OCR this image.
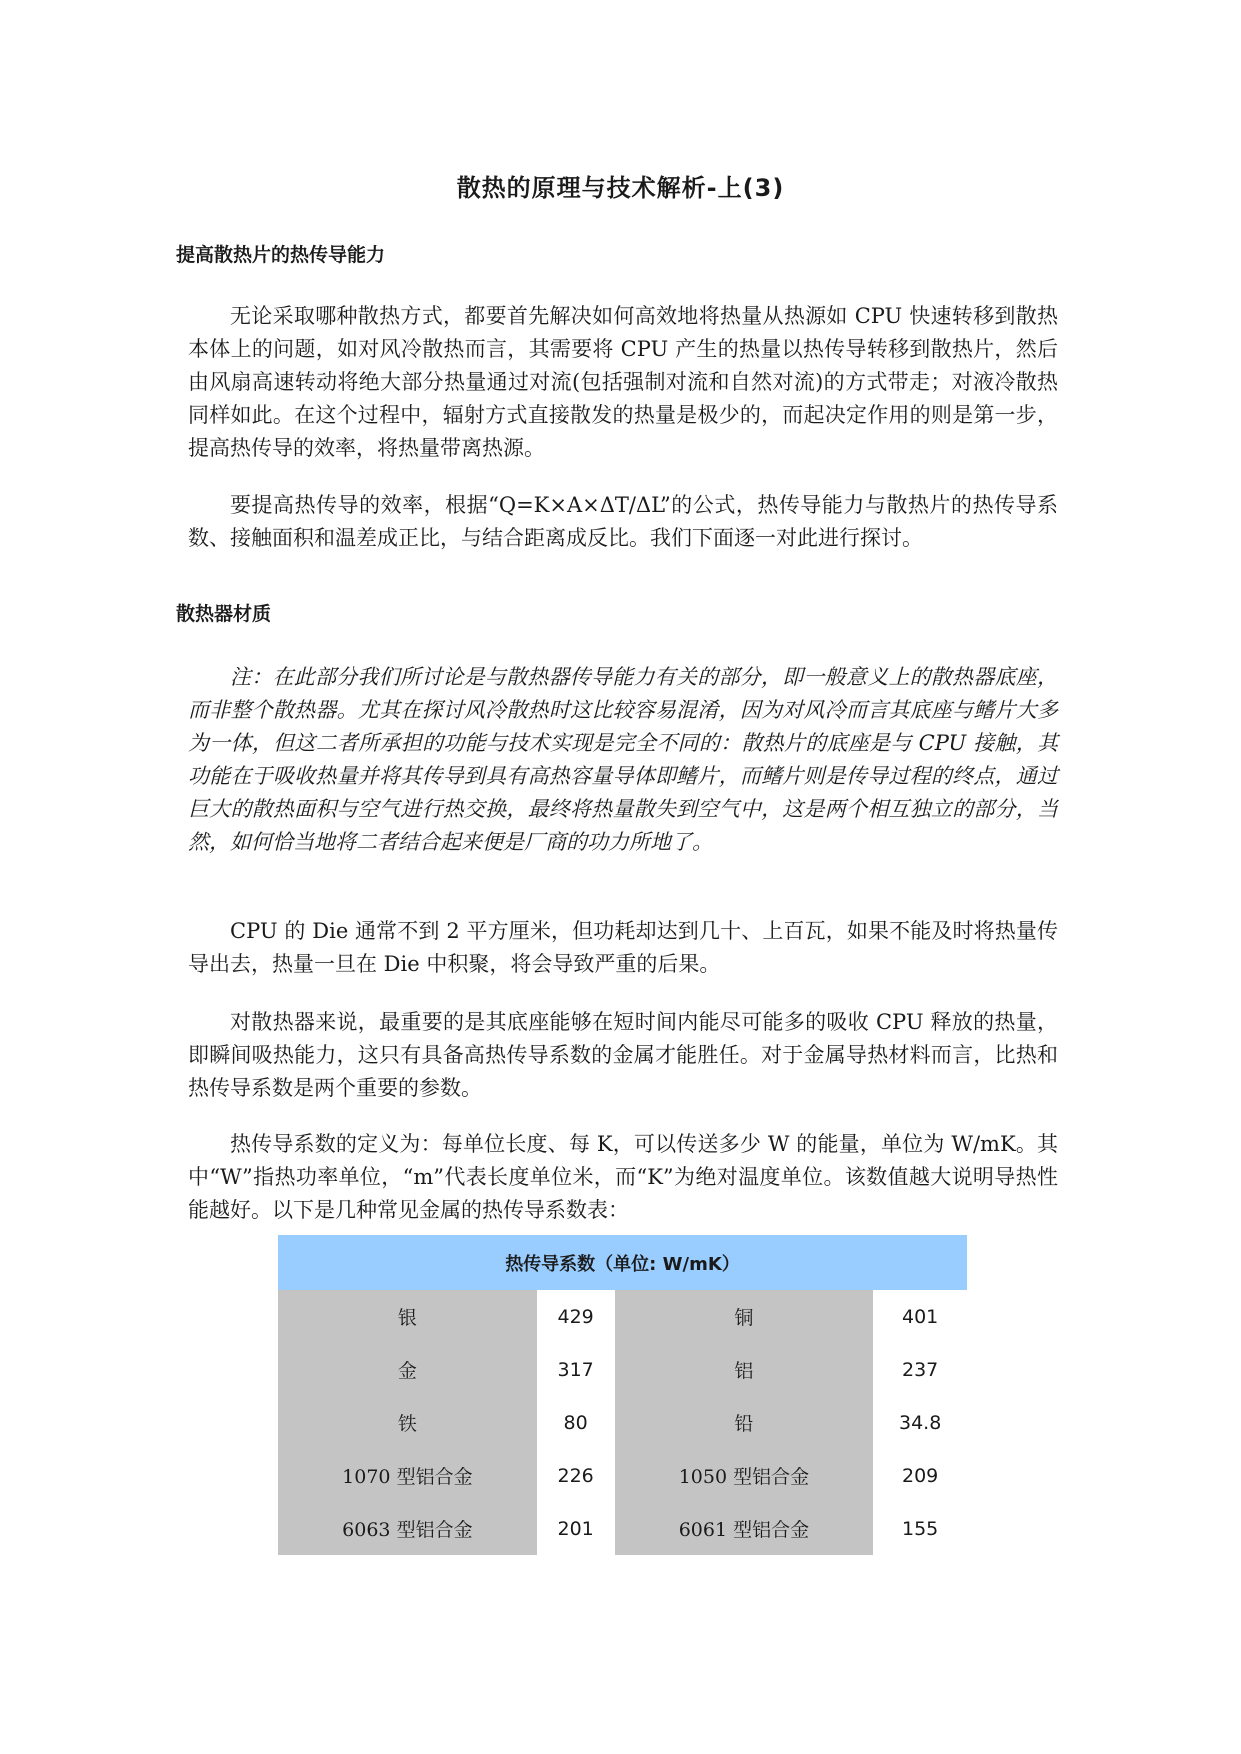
散热的原理与技术解析-上(3)
提高散热片的热传导能力

无论采取哪种散热方式，都要首先解决如何高效地将热量从热源如 CPU 快速转移到散热本体上的问题，如对风冷散热而言，其需要将 CPU 产生的热量以热传导转移到散热片，然后由风扇高速转动将绝大部分热量通过对流(包括强制对流和自然对流)的方式带走；对液冷散热同样如此。在这个过程中，辐射方式直接散发的热量是极少的，而起决定作用的则是第一步，提高热传导的效率，将热量带离热源。

要提高热传导的效率，根据“Q=K×A×ΔT/ΔL”的公式，热传导能力与散热片的热传导系数、接触面积和温差成正比，与结合距离成反比。我们下面逐一对此进行探讨。

散热器材质

注：在此部分我们所讨论是与散热器传导能力有关的部分，即一般意义上的散热器底座，而非整个散热器。尤其在探讨风冷散热时这比较容易混淆，因为对风冷而言其底座与鳍片大多为一体，但这二者所承担的功能与技术实现是完全不同的：散热片的底座是与 CPU 接触，其功能在于吸收热量并将其传导到具有高热容量导体即鳍片，而鳍片则是传导过程的终点，通过巨大的散热面积与空气进行热交换，最终将热量散失到空气中，这是两个相互独立的部分，当然，如何恰当地将二者结合起来便是厂商的功力所地了。

CPU 的 Die 通常不到 2 平方厘米，但功耗却达到几十、上百瓦，如果不能及时将热量传导出去，热量一旦在 Die 中积聚，将会导致严重的后果。

对散热器来说，最重要的是其底座能够在短时间内能尽可能多的吸收 CPU 释放的热量，即瞬间吸热能力，这只有具备高热传导系数的金属才能胜任。对于金属导热材料而言，比热和热传导系数是两个重要的参数。

热传导系数的定义为：每单位长度、每 K，可以传送多少 W 的能量，单位为 W/mK。其中“W”指热功率单位，“m”代表长度单位米，而“K”为绝对温度单位。该数值越大说明导热性能越好。以下是几种常见金属的热传导系数表：

热传导系数（单位: W/mK）			
银	429		铜	401
金	317		铝	237
铁	80		铅	34.8
1070 型铝合金	226		1050 型铝合金	209
6063 型铝合金	201		6061 型铝合金	155
